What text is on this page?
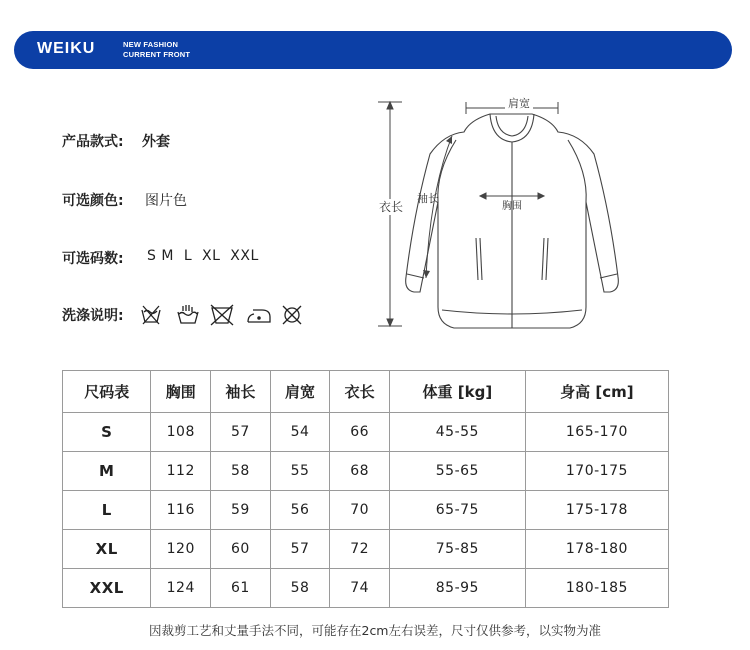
WEIKU	NEW FASHION
CURRENT FRONT
产品款式: 外套
可选颜色: 图片色
可选码数: S M  L  XL  XXL
洗涤说明:
肩宽
衣长
袖长
胸围
尺码表	胸围	袖长	肩宽	衣长	体重 [kg]	身高 [cm]
S	108	57	54	66	45-55	165-170
M	112	58	55	68	55-65	170-175
L	116	59	56	70	65-75	175-178
XL	120	60	57	72	75-85	178-180
XXL	124	61	58	74	85-95	180-185
因裁剪工艺和丈量手法不同，可能存在2cm左右误差，尺寸仅供参考，以实物为准
